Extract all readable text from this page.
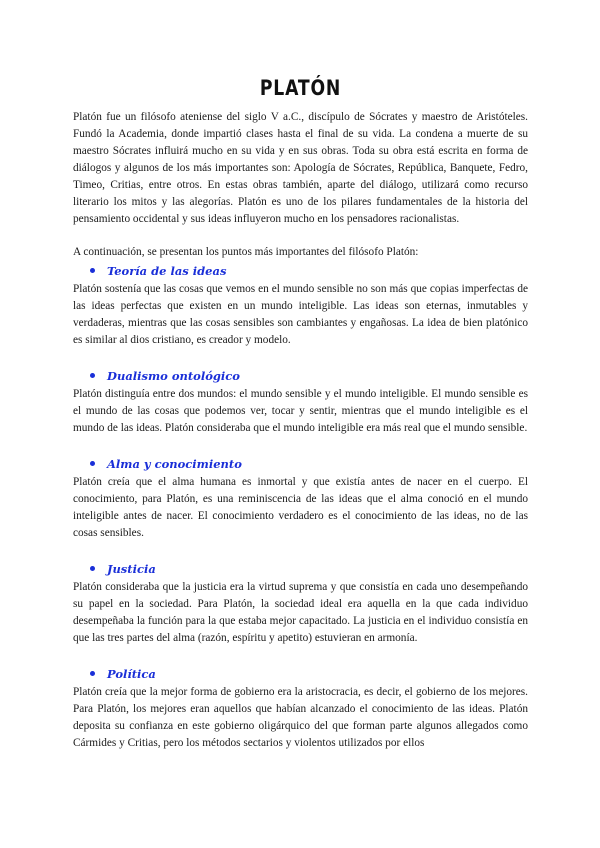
PLATÓN

Platón fue un filósofo ateniense del siglo V a.C., discípulo de Sócrates y maestro de Aristóteles. Fundó la Academia, donde impartió clases hasta el final de su vida. La condena a muerte de su maestro Sócrates influirá mucho en su vida y en sus obras. Toda su obra está escrita en forma de diálogos y algunos de los más importantes son: Apología de Sócrates, República, Banquete, Fedro, Timeo, Critias, entre otros. En estas obras también, aparte del diálogo, utilizará como recurso literario los mitos y las alegorías. Platón es uno de los pilares fundamentales de la historia del pensamiento occidental y sus ideas influyeron mucho en los pensadores racionalistas.

A continuación, se presentan los puntos más importantes del filósofo Platón:

Teoría de las ideas

Platón sostenía que las cosas que vemos en el mundo sensible no son más que copias imperfectas de las ideas perfectas que existen en un mundo inteligible. Las ideas son eternas, inmutables y verdaderas, mientras que las cosas sensibles son cambiantes y engañosas. La idea de bien platónico es similar al dios cristiano, es creador y modelo.

Dualismo ontológico

Platón distinguía entre dos mundos: el mundo sensible y el mundo inteligible. El mundo sensible es el mundo de las cosas que podemos ver, tocar y sentir, mientras que el mundo inteligible es el mundo de las ideas. Platón consideraba que el mundo inteligible era más real que el mundo sensible.

Alma y conocimiento

Platón creía que el alma humana es inmortal y que existía antes de nacer en el cuerpo. El conocimiento, para Platón, es una reminiscencia de las ideas que el alma conoció en el mundo inteligible antes de nacer. El conocimiento verdadero es el conocimiento de las ideas, no de las cosas sensibles.

Justicia

Platón consideraba que la justicia era la virtud suprema y que consistía en cada uno desempeñando su papel en la sociedad. Para Platón, la sociedad ideal era aquella en la que cada individuo desempeñaba la función para la que estaba mejor capacitado. La justicia en el individuo consistía en que las tres partes del alma (razón, espíritu y apetito) estuvieran en armonía.

Política

Platón creía que la mejor forma de gobierno era la aristocracia, es decir, el gobierno de los mejores. Para Platón, los mejores eran aquellos que habían alcanzado el conocimiento de las ideas. Platón deposita su confianza en este gobierno oligárquico del que forman parte algunos allegados como Cármides y Critias, pero los métodos sectarios y violentos utilizados por ellos
